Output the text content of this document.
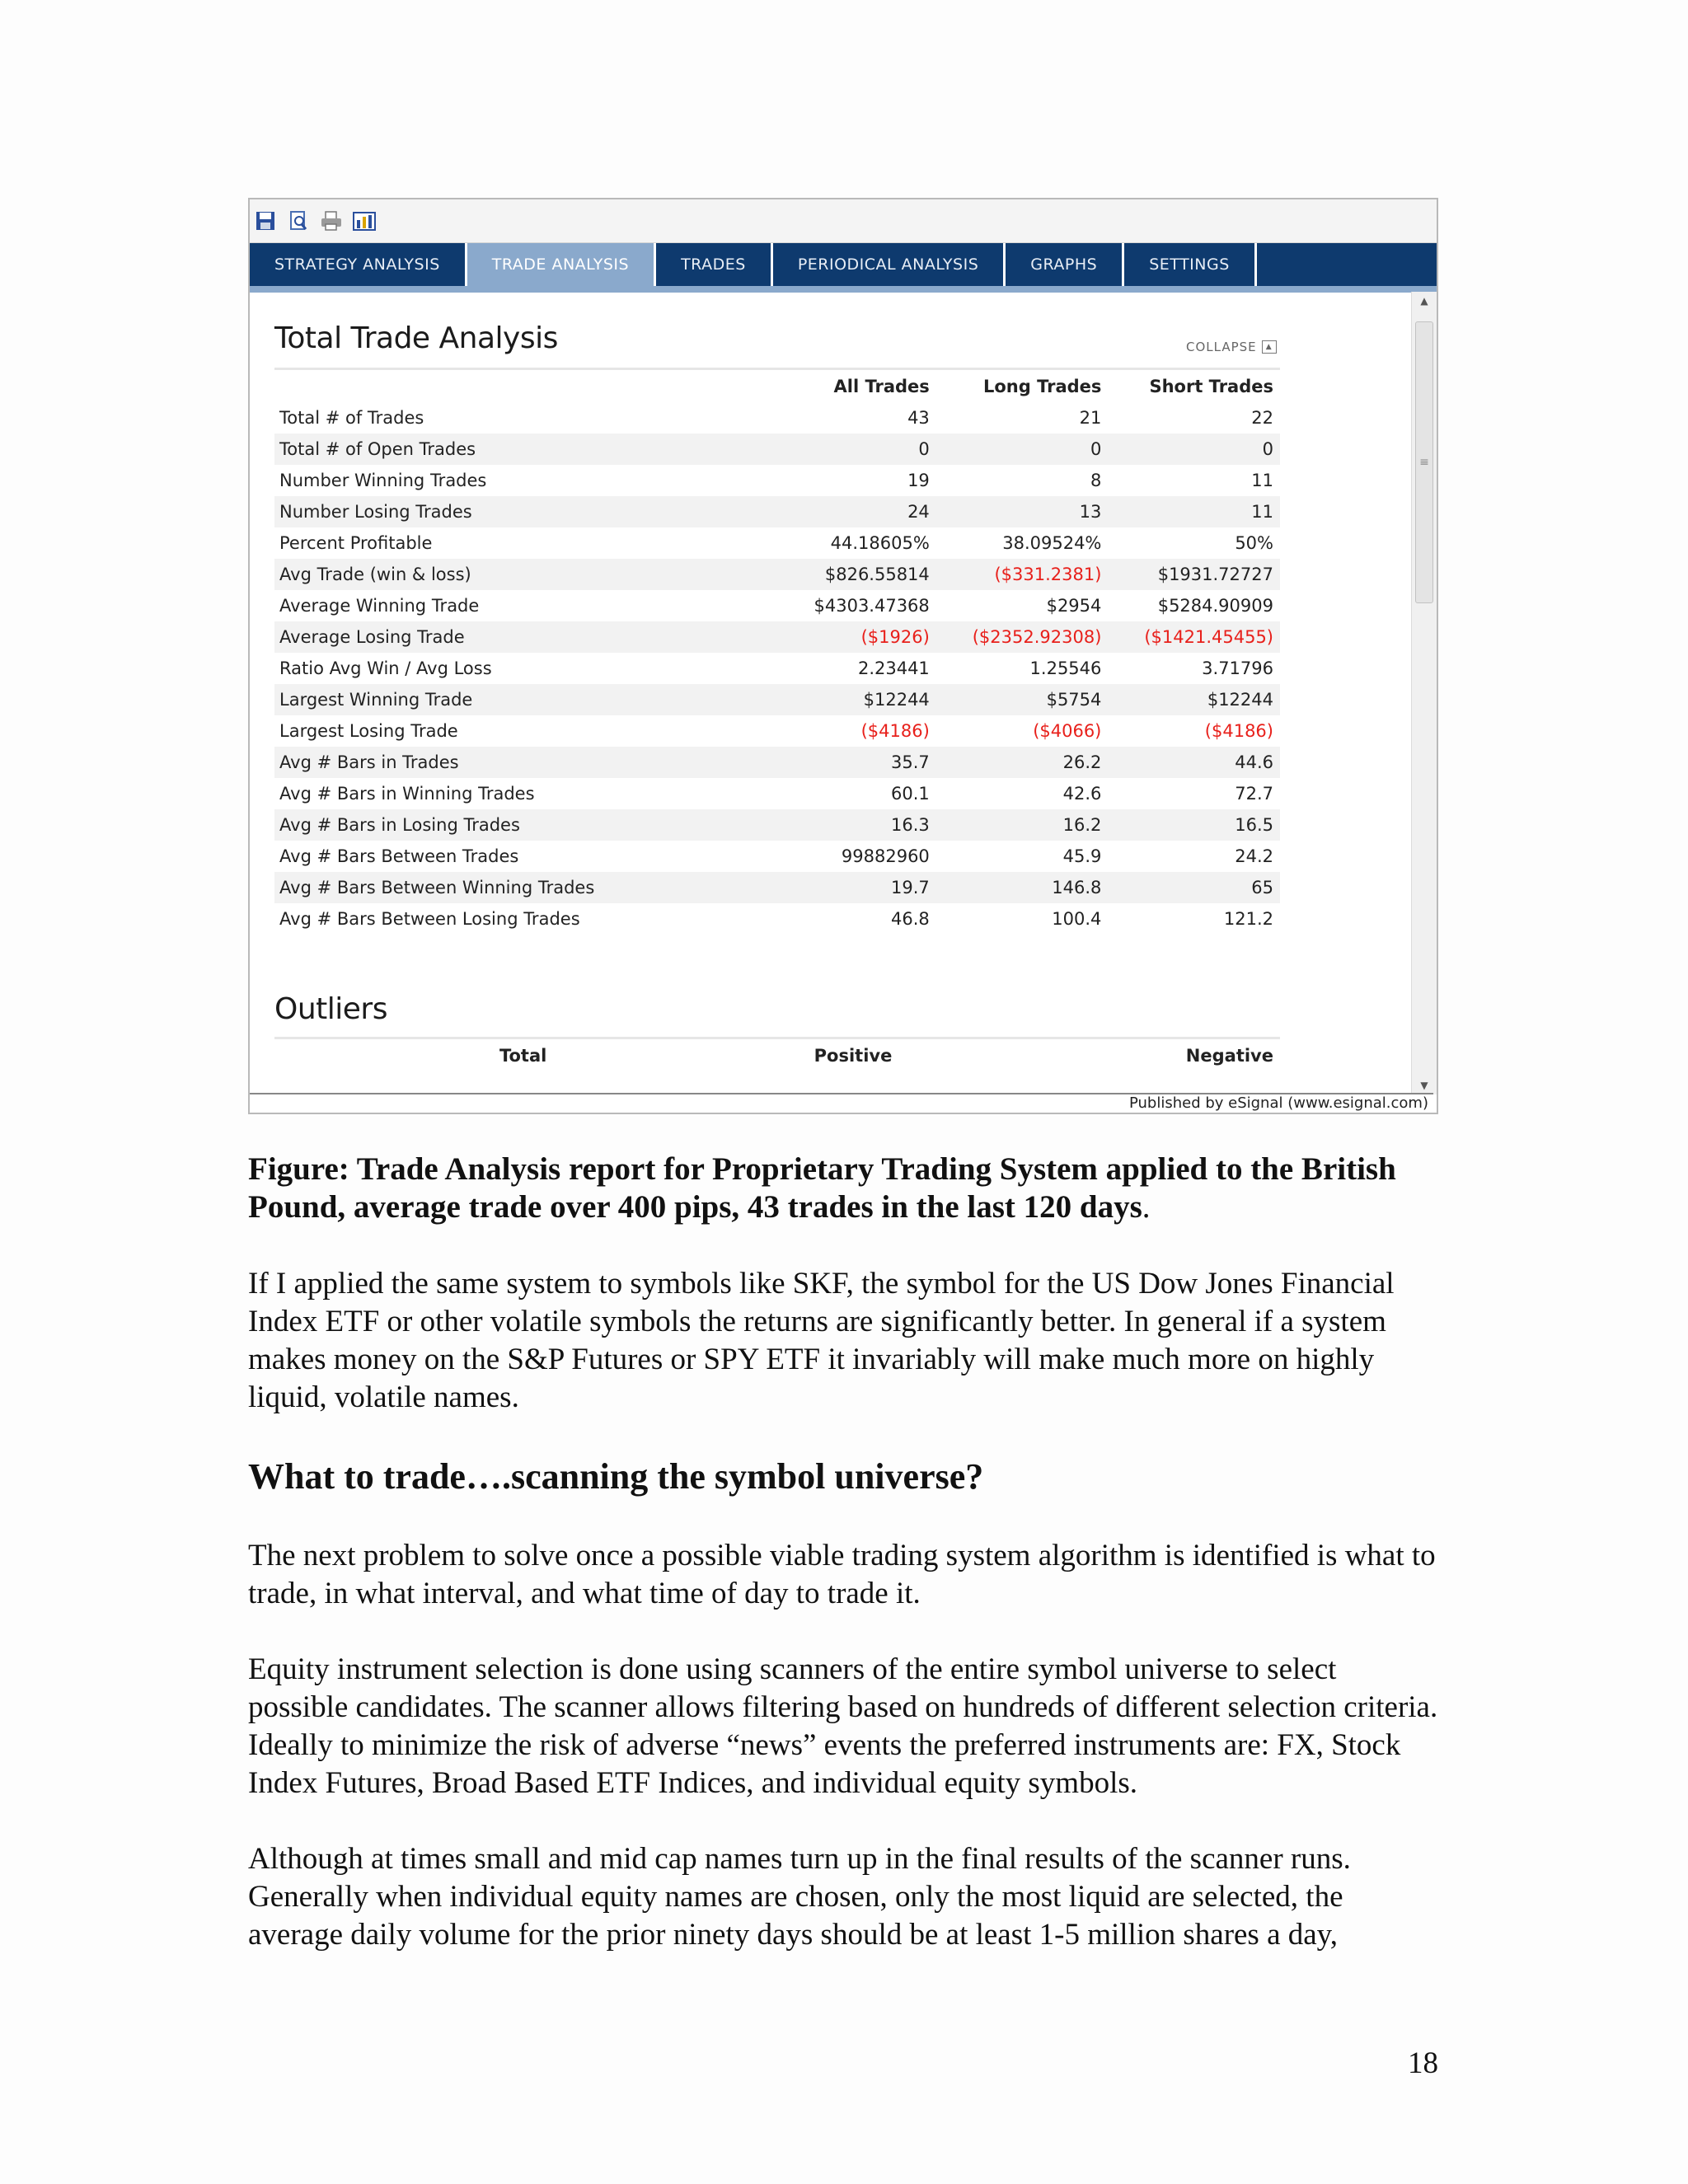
STRATEGY ANALYSIS	TRADE ANALYSIS	TRADES	PERIODICAL ANALYSIS	GRAPHS	SETTINGS
Total Trade Analysis	COLLAPSE	▲
	All Trades	Long Trades	Short Trades
Total # of Trades	43	21	22
Total # of Open Trades	0	0	0
Number Winning Trades	19	8	11
Number Losing Trades	24	13	11
Percent Profitable	44.18605%	38.09524%	50%
Avg Trade (win & loss)	$826.55814	($331.2381)	$1931.72727
Average Winning Trade	$4303.47368	$2954	$5284.90909
Average Losing Trade	($1926)	($2352.92308)	($1421.45455)
Ratio Avg Win / Avg Loss	2.23441	1.25546	3.71796
Largest Winning Trade	$12244	$5754	$12244
Largest Losing Trade	($4186)	($4066)	($4186)
Avg # Bars in Trades	35.7	26.2	44.6
Avg # Bars in Winning Trades	60.1	42.6	72.7
Avg # Bars in Losing Trades	16.3	16.2	16.5
Avg # Bars Between Trades	99882960	45.9	24.2
Avg # Bars Between Winning Trades	19.7	146.8	65
Avg # Bars Between Losing Trades	46.8	100.4	121.2
Outliers
	Total	Positive	Negative
▲
≡
▼
Published by eSignal (www.esignal.com)
Figure: Trade Analysis report for Proprietary Trading System applied to the British Pound, average trade over 400 pips, 43 trades in the last 120 days.

If I applied the same system to symbols like SKF, the symbol for the US Dow Jones Financial Index ETF or other volatile symbols the returns are significantly better. In general if a system makes money on the S&P Futures or SPY ETF it invariably will make much more on highly liquid, volatile names.

What to trade….scanning the symbol universe?

The next problem to solve once a possible viable trading system algorithm is identified is what to trade, in what interval, and what time of day to trade it.

Equity instrument selection is done using scanners of the entire symbol universe to select possible candidates. The scanner allows filtering based on hundreds of different selection criteria. Ideally to minimize the risk of adverse “news” events the preferred instruments are: FX, Stock Index Futures, Broad Based ETF Indices, and individual equity symbols.

Although at times small and mid cap names turn up in the final results of the scanner runs. Generally when individual equity names are chosen, only the most liquid are selected, the average daily volume for the prior ninety days should be at least 1-5 million shares a day,

18
